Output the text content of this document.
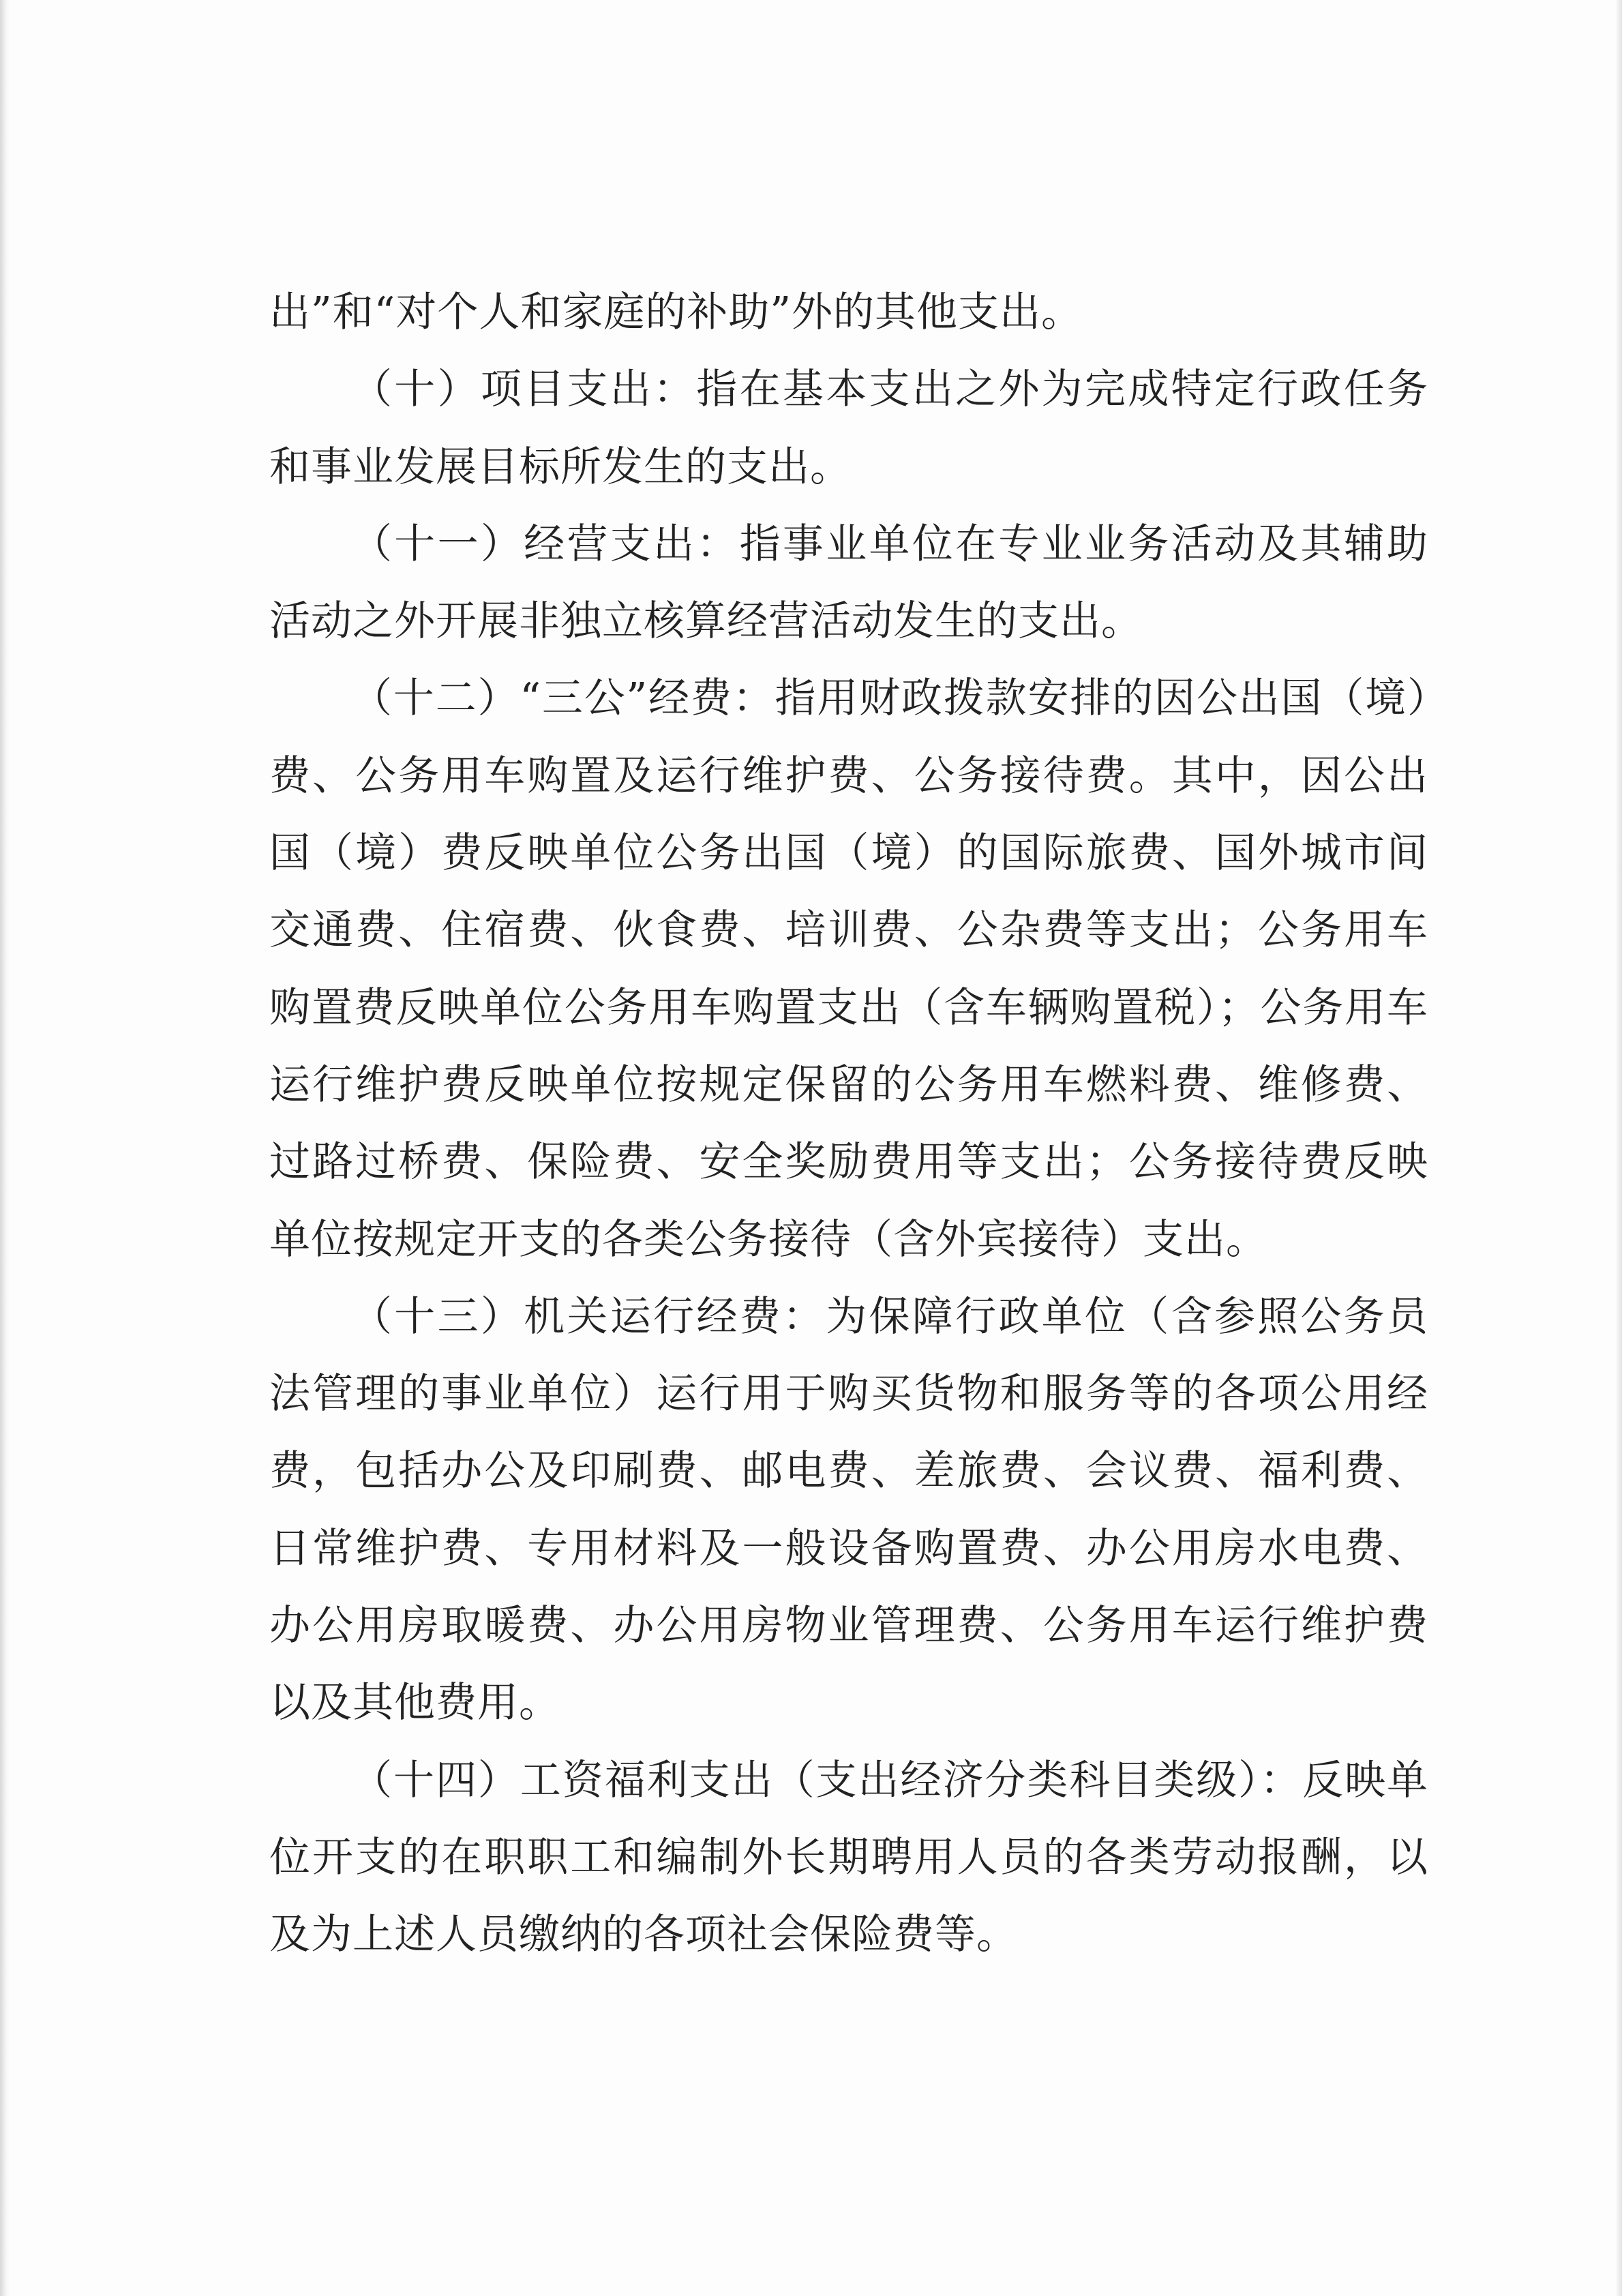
出”和“对个人和家庭的补助”外的其他支出。

（十）项目支出：指在基本支出之外为完成特定行政任务和事业发展目标所发生的支出。

（十一）经营支出：指事业单位在专业业务活动及其辅助活动之外开展非独立核算经营活动发生的支出。

（十二）“三公”经费：指用财政拨款安排的因公出国（境）费、公务用车购置及运行维护费、公务接待费。其中，因公出国（境）费反映单位公务出国（境）的国际旅费、国外城市间交通费、住宿费、伙食费、培训费、公杂费等支出；公务用车购置费反映单位公务用车购置支出（含车辆购置税）；公务用车运行维护费反映单位按规定保留的公务用车燃料费、维修费、过路过桥费、保险费、安全奖励费用等支出；公务接待费反映单位按规定开支的各类公务接待（含外宾接待）支出。

（十三）机关运行经费：为保障行政单位（含参照公务员法管理的事业单位）运行用于购买货物和服务等的各项公用经费，包括办公及印刷费、邮电费、差旅费、会议费、福利费、日常维护费、专用材料及一般设备购置费、办公用房水电费、办公用房取暖费、办公用房物业管理费、公务用车运行维护费以及其他费用。

（十四）工资福利支出（支出经济分类科目类级）：反映单位开支的在职职工和编制外长期聘用人员的各类劳动报酬，以及为上述人员缴纳的各项社会保险费等。
